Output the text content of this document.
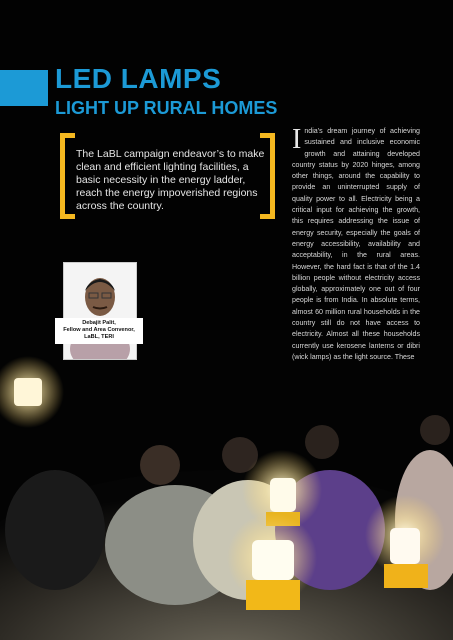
LED LAMPS
LIGHT UP RURAL HOMES

The LaBL campaign endeavor’s to make clean and efficient lighting facilities, a basic necessity in the energy ladder, reach the energy impoverished regions across the country.

Debajit Palit,
Fellow and Area Convenor,
LaBL, TERI

India’s dream journey of achieving sustained and inclusive economic growth and attaining developed country status by 2020 hinges, among other things, around the capability to provide an uninterrupted supply of quality power to all. Electricity being a critical input for achieving the growth, this requires addressing the issue of energy security, especially the goals of energy accessibility, availability and acceptability, in the rural areas. However, the hard fact is that of the 1.4 billion people without electricity access globally, approximately one out of four people is from India. In absolute terms, almost 60 million rural households in the country still do not have access to electricity. Almost all these households currently use kerosene lanterns or dibri (wick lamps) as the light source. These
